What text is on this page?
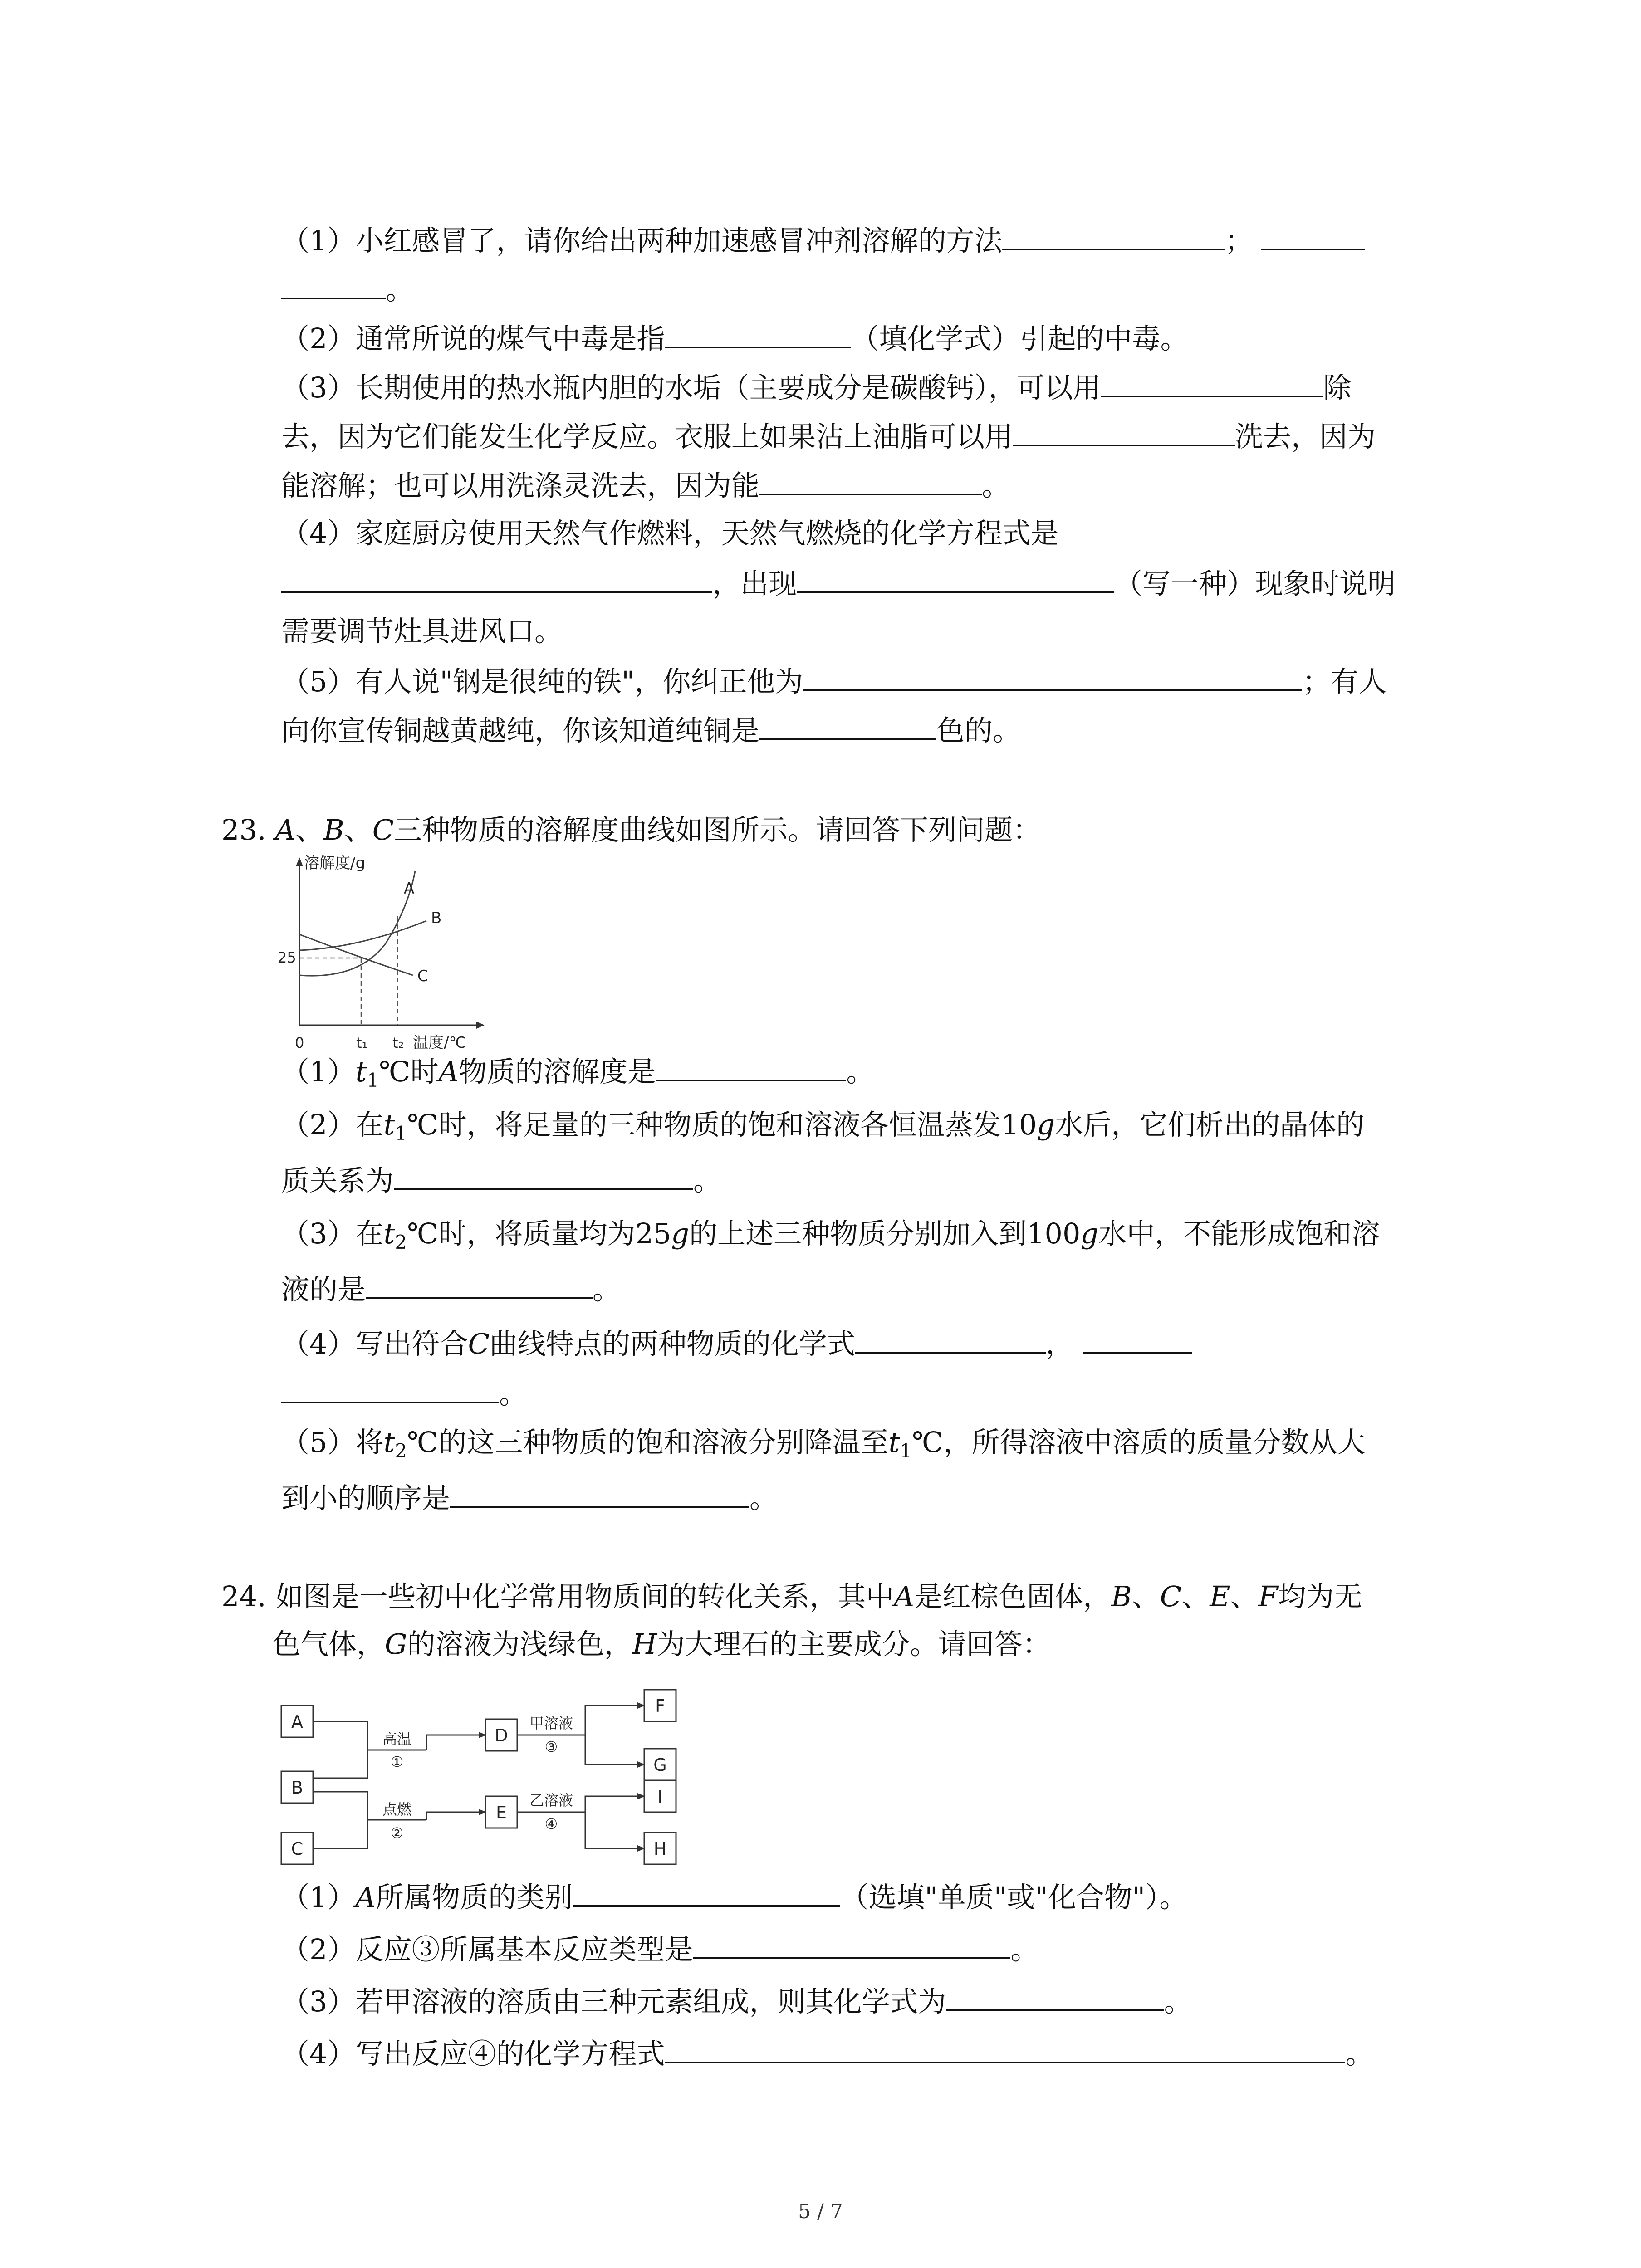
（1）小红感冒了，请你给出两种加速感冒冲剂溶解的方法	；
。
（2）通常所说的煤气中毒是指	（填化学式）引起的中毒。
（3）长期使用的热水瓶内胆的水垢（主要成分是碳酸钙），可以用	除
去，因为它们能发生化学反应。衣服上如果沾上油脂可以用	洗去，因为
能溶解；也可以用洗涤灵洗去，因为能	。
（4）家庭厨房使用天然气作燃料，天然气燃烧的化学方程式是
，出现	（写一种）现象时说明
需要调节灶具进风口。
（5）有人说"钢是很纯的铁"，你纠正他为	；有人
向你宣传铜越黄越纯，你该知道纯铜是	色的。
23. A、B、C三种物质的溶解度曲线如图所示。请回答下列问题：
溶解度/g
温度/℃
0
25
t₁ t₂
A
B
C
$(1)t_1℃$时A物质的溶解度是	。
（2）在$t_1℃$时，将足量的三种物质的饱和溶液各恒温蒸发10g水后，它们析出的晶体的
质关系为	。
（3）在$t_2℃$时，将质量均为25g的上述三种物质分别加入到100g水中，不能形成饱和溶
液的是	。
（4）写出符合C曲线特点的两种物质的化学式	，
。
（5）将$t_2℃$的这三种物质的饱和溶液分别降温至$t_1℃$，所得溶液中溶质的质量分数从大
到小的顺序是	。
24. 如图是一些初中化学常用物质间的转化关系，其中A是红棕色固体，B、C、E、F均为无
色气体，G的溶液为浅绿色，H为大理石的主要成分。请回答：
A
B
C
D
E
F
G
I
H
高温
①
点燃
②
甲溶液
③
乙溶液
④
（1）A所属物质的类别	（选填"单质"或"化合物"）。
（2）反应③所属基本反应类型是	。
（3）若甲溶液的溶质由三种元素组成，则其化学式为	。
（4）写出反应④的化学方程式	。
5 / 7
